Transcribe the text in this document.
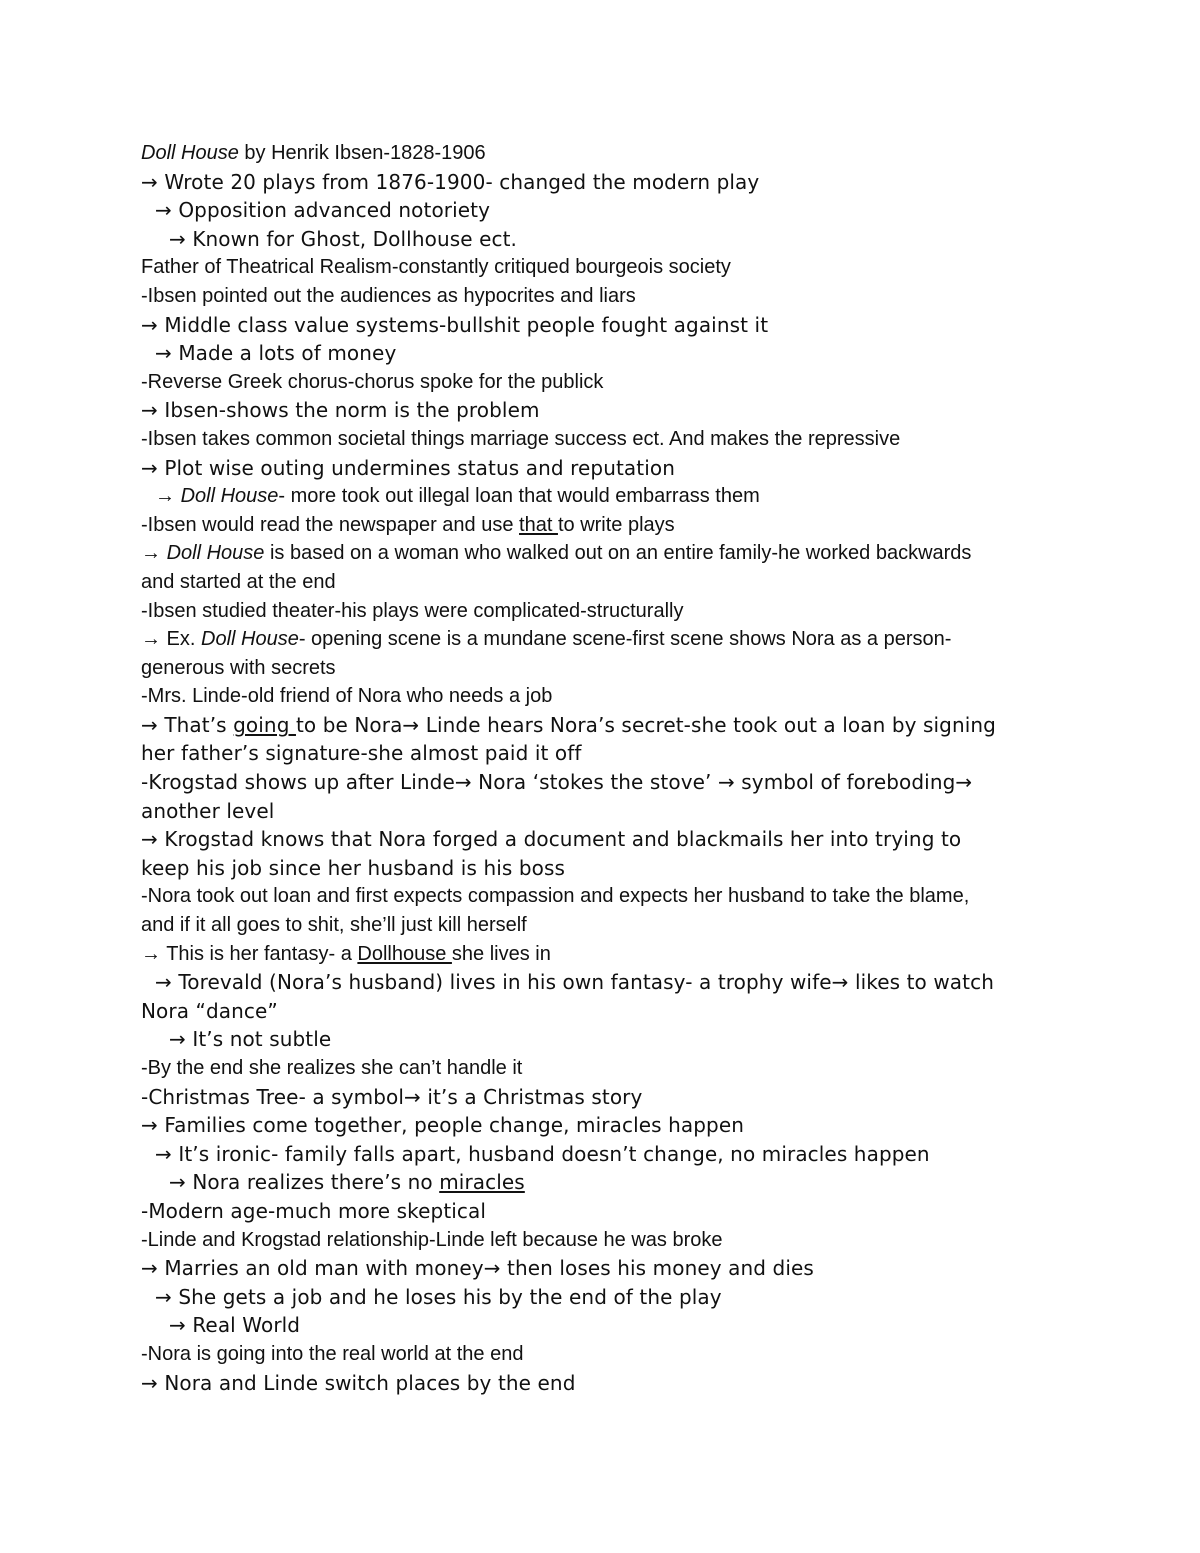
Doll House by Henrik Ibsen-1828-1906

→ Wrote 20 plays from 1876-1900- changed the modern play

→ Opposition advanced notoriety

→ Known for Ghost, Dollhouse ect.

Father of Theatrical Realism-constantly critiqued bourgeois society

-Ibsen pointed out the audiences as hypocrites and liars

→ Middle class value systems-bullshit people fought against it

→ Made a lots of money

-Reverse Greek chorus-chorus spoke for the publick

→ Ibsen-shows the norm is the problem

-Ibsen takes common societal things marriage success ect. And makes the repressive

→ Plot wise outing undermines status and reputation

→ Doll House- more took out illegal loan that would embarrass them

-Ibsen would read the newspaper and use that to write plays

→ Doll House is based on a woman who walked out on an entire family-he worked backwards

and started at the end

-Ibsen studied theater-his plays were complicated-structurally

→ Ex. Doll House- opening scene is a mundane scene-first scene shows Nora as a person-

generous with secrets

-Mrs. Linde-old friend of Nora who needs a job

→ That’s going to be Nora→ Linde hears Nora’s secret-she took out a loan by signing

her father’s signature-she almost paid it off

-Krogstad shows up after Linde→ Nora ‘stokes the stove’ → symbol of foreboding→

another level

→ Krogstad knows that Nora forged a document and blackmails her into trying to

keep his job since her husband is his boss

-Nora took out loan and first expects compassion and expects her husband to take the blame,

and if it all goes to shit, she’ll just kill herself

→ This is her fantasy- a Dollhouse she lives in

→ Torevald (Nora’s husband) lives in his own fantasy- a trophy wife→ likes to watch

Nora “dance”

→ It’s not subtle

-By the end she realizes she can’t handle it

-Christmas Tree- a symbol→ it’s a Christmas story

→ Families come together, people change, miracles happen

→ It’s ironic- family falls apart, husband doesn’t change, no miracles happen

→ Nora realizes there’s no miracles

-Modern age-much more skeptical

-Linde and Krogstad relationship-Linde left because he was broke

→ Marries an old man with money→ then loses his money and dies

→ She gets a job and he loses his by the end of the play

→ Real World

-Nora is going into the real world at the end

→ Nora and Linde switch places by the end
